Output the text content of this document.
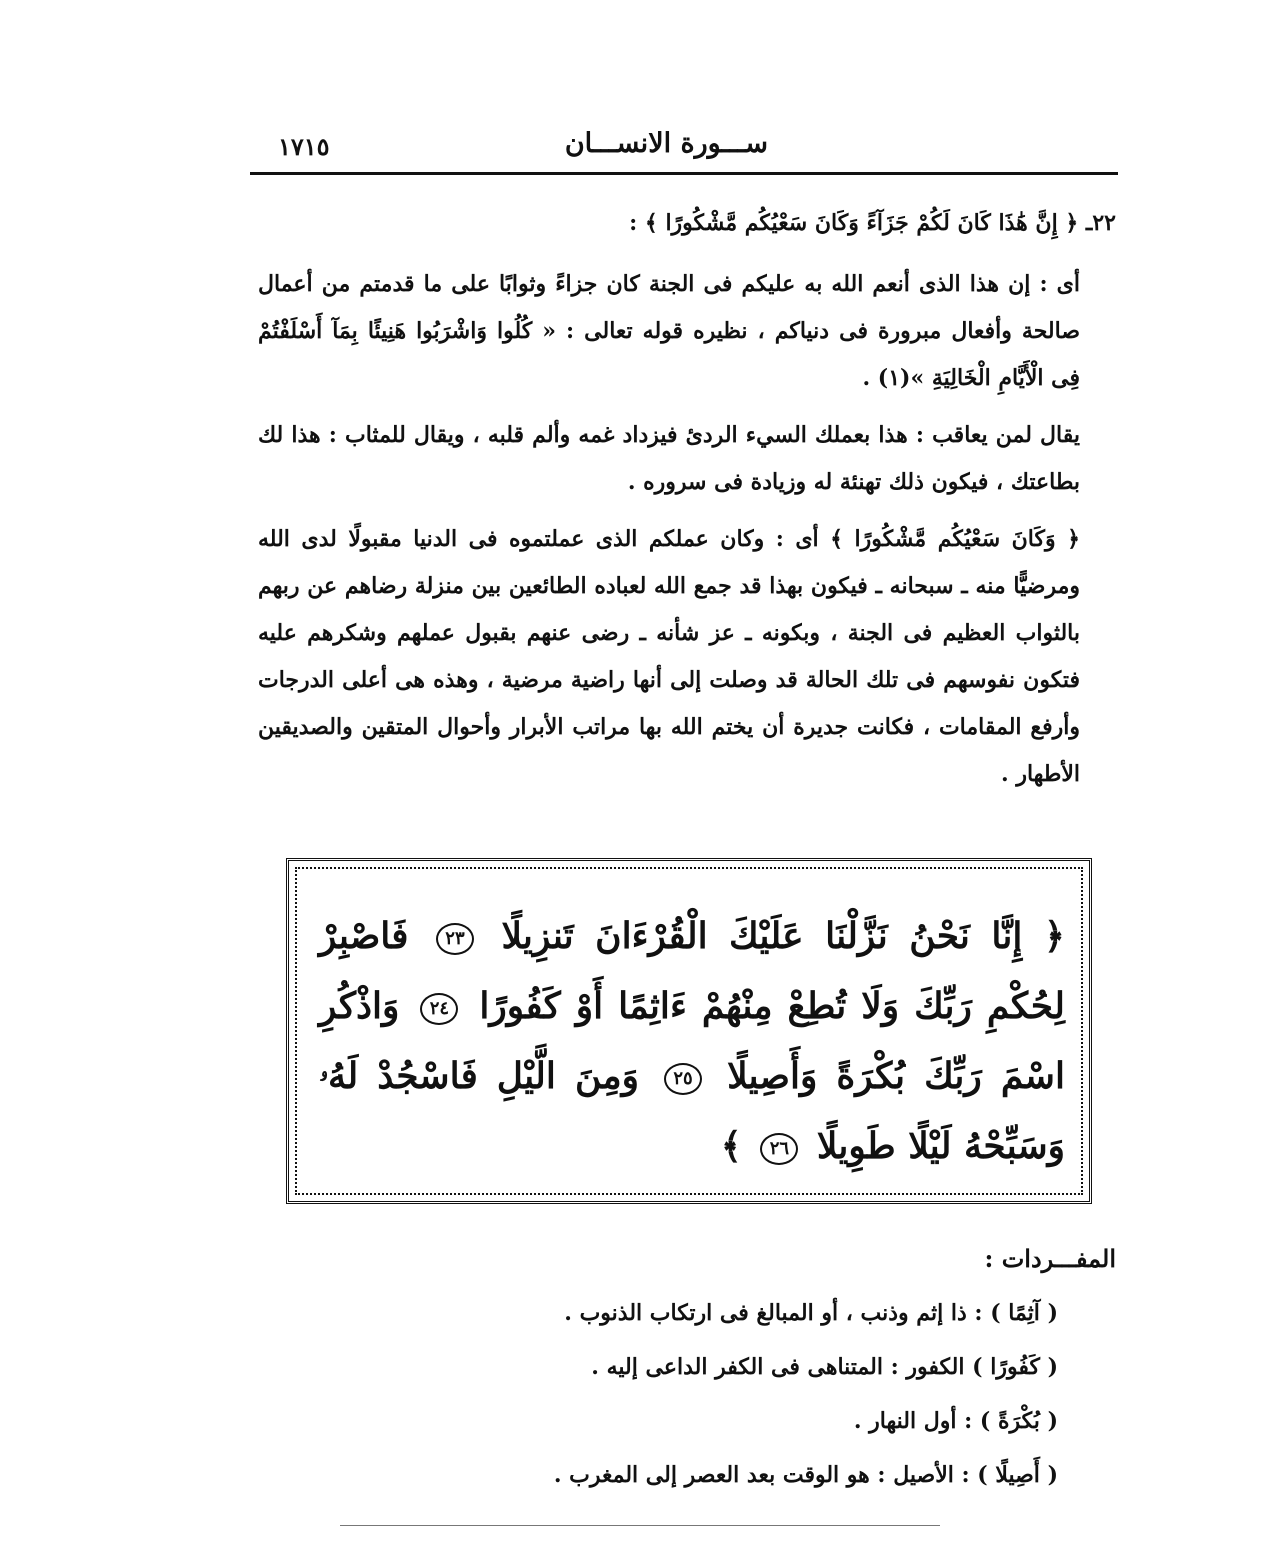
ســـورة الانســـان
١٧١٥

٢٢ـ ﴿ إِنَّ هَٰذَا كَانَ لَكُمْ جَزَآءً وَكَانَ سَعْيُكُم مَّشْكُورًا ﴾ :

أى : إن هذا الذى أنعم الله به عليكم فى الجنة كان جزاءً وثوابًا على ما قدمتم من أعمال صالحة وأفعال مبرورة فى دنياكم ، نظيره قوله تعالى : « كُلُوا وَاشْرَبُوا هَنِيئًا بِمَآ أَسْلَفْتُمْ فِى الْأَيَّامِ الْخَالِيَةِ »(١) .

يقال لمن يعاقب : هذا بعملك السيء الردئ فيزداد غمه وألم قلبه ، ويقال للمثاب : هذا لك بطاعتك ، فيكون ذلك تهنئة له وزيادة فى سروره .

﴿ وَكَانَ سَعْيُكُم مَّشْكُورًا ﴾ أى : وكان عملكم الذى عملتموه فى الدنيا مقبولًا لدى الله ومرضيًّا منه ـ سبحانه ـ فيكون بهذا قد جمع الله لعباده الطائعين بين منزلة رضاهم عن ربهم بالثواب العظيم فى الجنة ، وبكونه ـ عز شأنه ـ رضى عنهم بقبول عملهم وشكرهم عليه فتكون نفوسهم فى تلك الحالة قد وصلت إلى أنها راضية مرضية ، وهذه هى أعلى الدرجات وأرفع المقامات ، فكانت جديرة أن يختم الله بها مراتب الأبرار وأحوال المتقين والصديقين الأطهار .

﴿ إِنَّا نَحْنُ نَزَّلْنَا عَلَيْكَ الْقُرْءَانَ تَنزِيلًا ٢٣ فَاصْبِرْ لِحُكْمِ رَبِّكَ وَلَا تُطِعْ مِنْهُمْ ءَاثِمًا أَوْ كَفُورًا ٢٤ وَاذْكُرِ اسْمَ رَبِّكَ بُكْرَةً وَأَصِيلًا ٢٥ وَمِنَ الَّيْلِ فَاسْجُدْ لَهُۥ وَسَبِّحْهُ لَيْلًا طَوِيلًا ٢٦ ﴾

المفـــردات :

( آثِمًا ) : ذا إثم وذنب ، أو المبالغ فى ارتكاب الذنوب .

( كَفُورًا ) الكفور : المتناهى فى الكفر الداعى إليه .

( بُكْرَةً ) : أول النهار .

( أَصِيلًا ) : الأصيل : هو الوقت بعد العصر إلى المغرب .
